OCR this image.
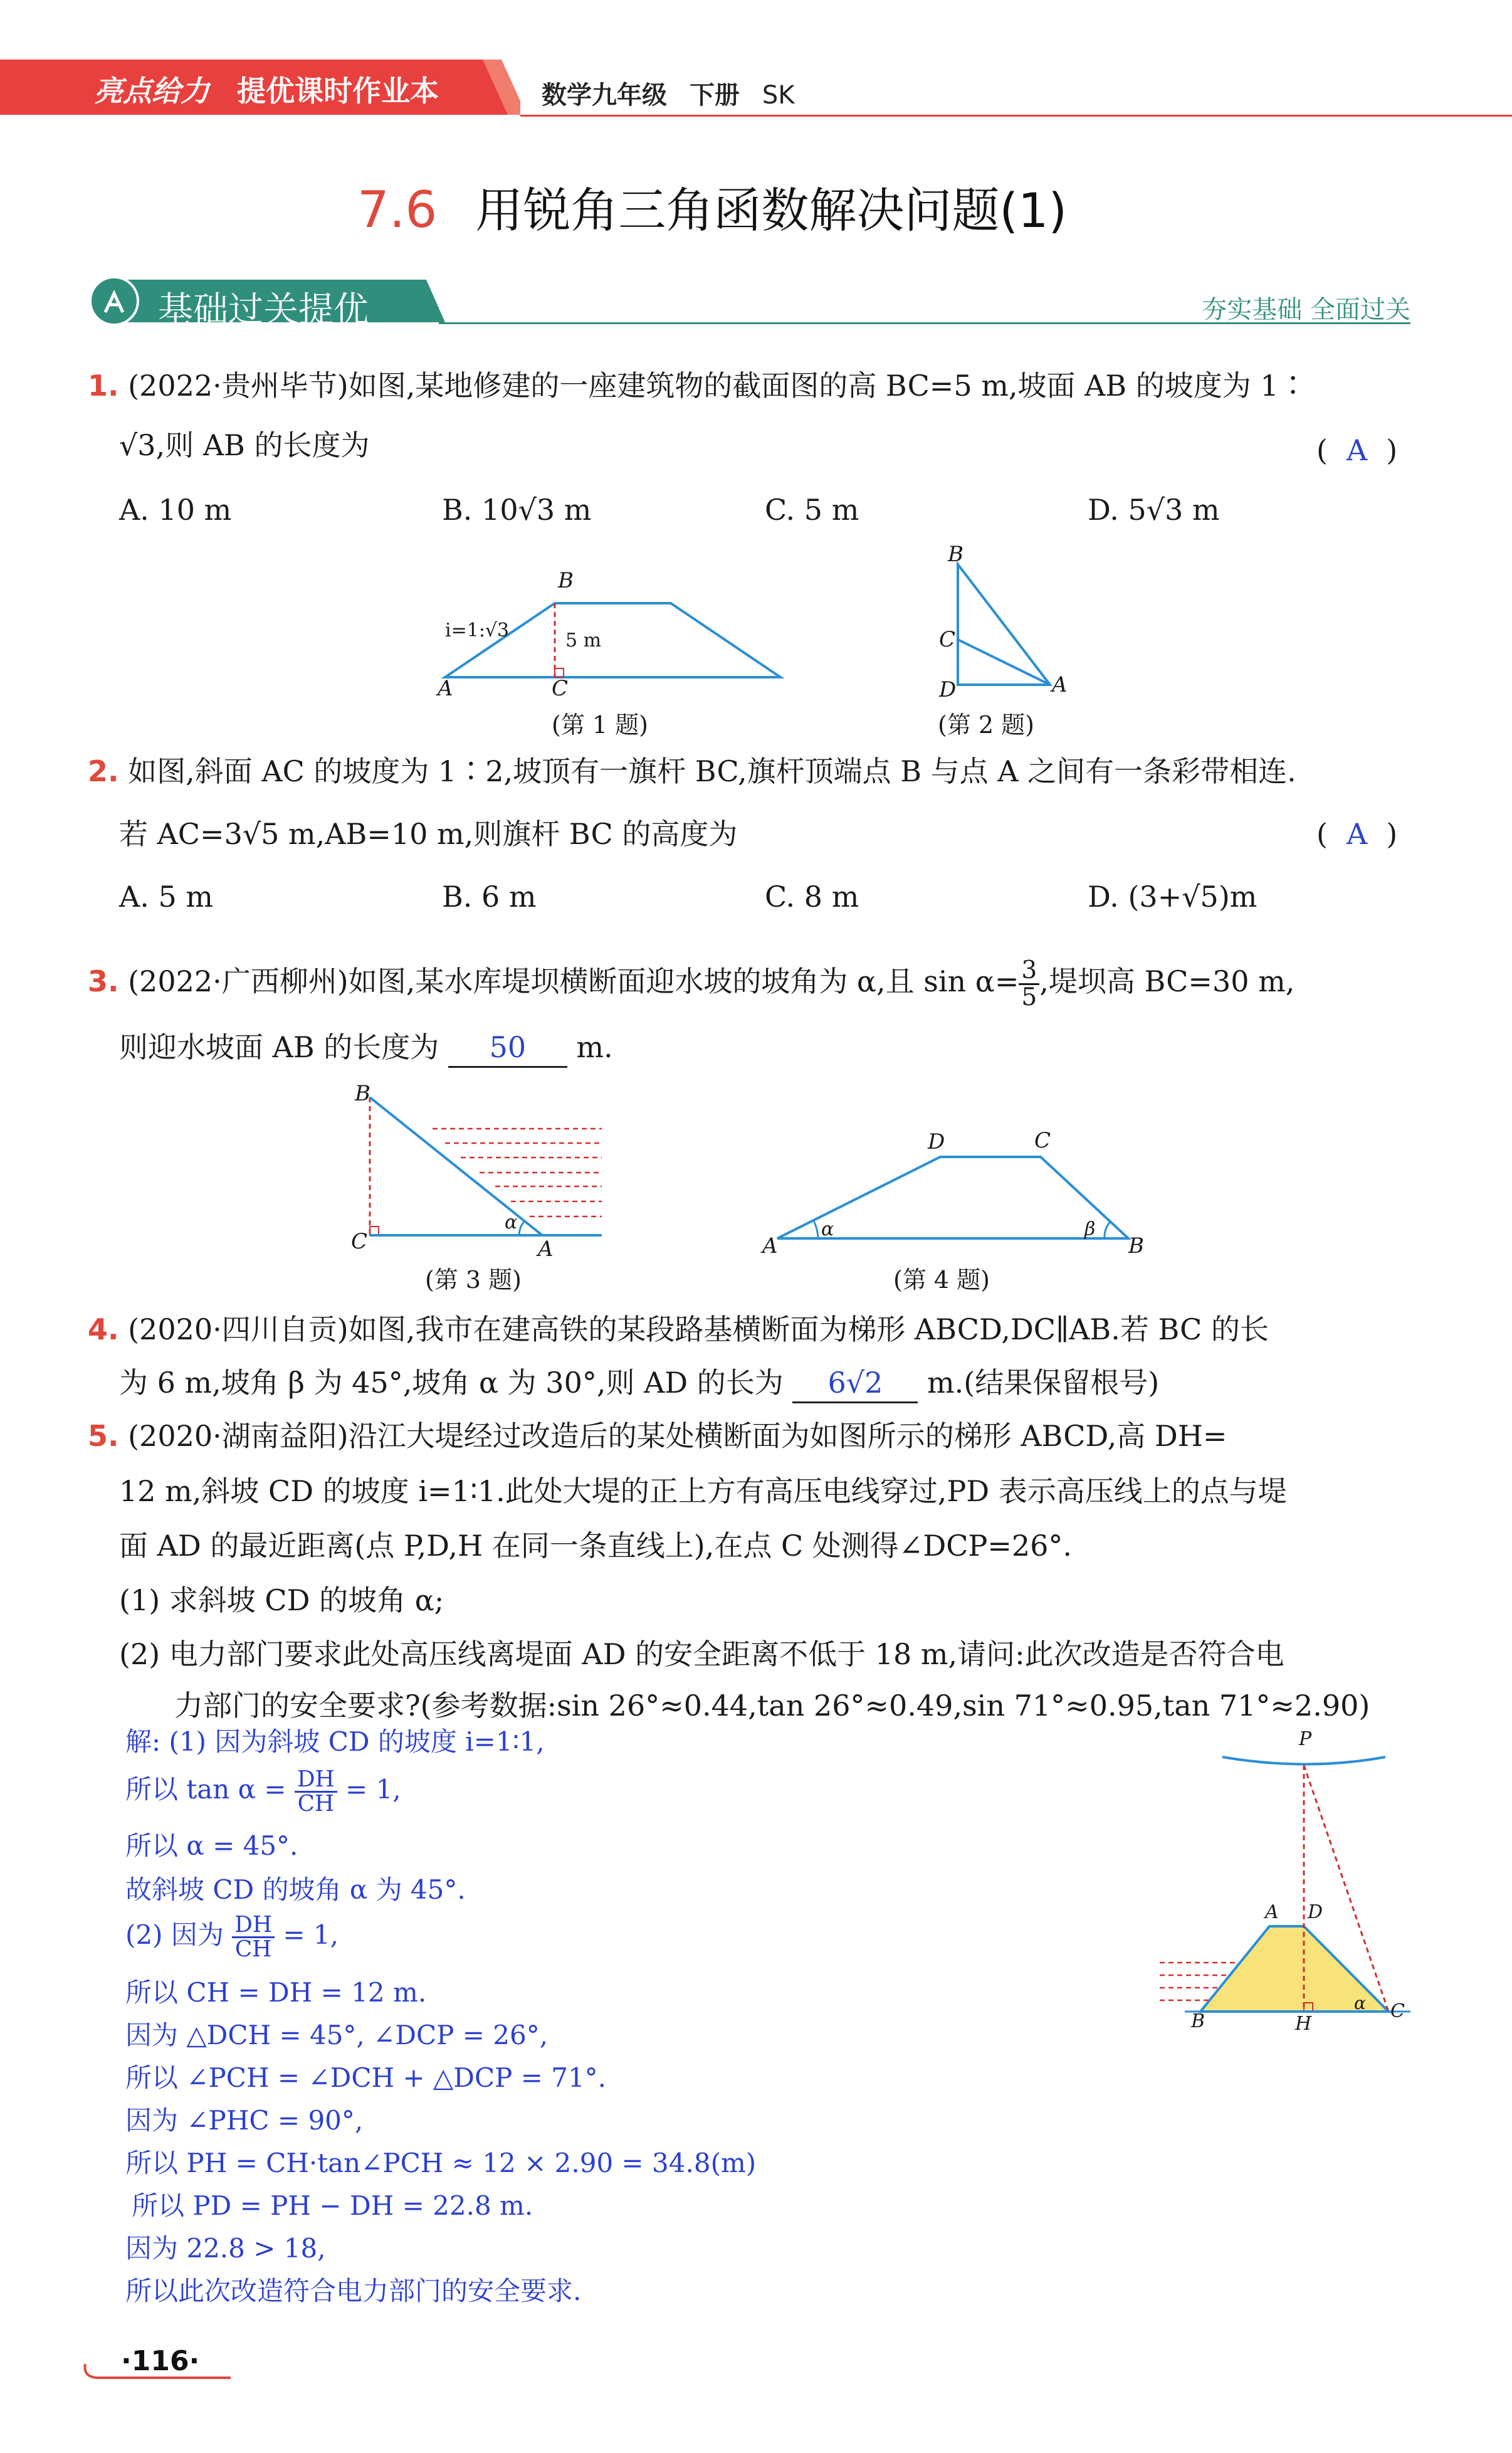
亮点给力 提优课时作业本	数学九年级 下册 SK
7.6 用锐角三角函数解决问题(1)
基础过关提优	夯实基础 全面过关
1. (2022·贵州毕节)如图,某地修建的一座建筑物的截面图的高 BC=5 m,坡面 AB 的坡度为 1∶
√3,则 AB 的长度为	( A )
A. 10 m	B. 10√3 m	C. 5 m	D. 5√3 m
B
A	C
i=1:√3	5 m
(第 1 题)
B
C
D	A
(第 2 题)
2. 如图,斜面 AC 的坡度为 1∶2,坡顶有一旗杆 BC,旗杆顶端点 B 与点 A 之间有一条彩带相连.
若 AC=3√5 m,AB=10 m,则旗杆 BC 的高度为	( A )
A. 5 m	B. 6 m	C. 8 m	D. (3+√5)m
3. (2022·广西柳州)如图,某水库堤坝横断面迎水坡的坡角为 α,且 $\sin \alpha= \frac{3}{5}$ ,堤坝高 BC=30 m,
则迎水坡面 AB 的长度为 50 m.
B
C	A
α
(第 3 题)
D	C
A	B
α	β
(第 4 题)
4. (2020·四川自贡)如图,我市在建高铁的某段路基横断面为梯形 ABCD,DC∥AB.若 BC 的长
为 6 m,坡角 β 为 45°,坡角 α 为 30°,则 AD 的长为 6√2 m.(结果保留根号)
5. (2020·湖南益阳)沿江大堤经过改造后的某处横断面为如图所示的梯形 ABCD,高 DH=
12 m,斜坡 CD 的坡度 i=1∶1.此处大堤的正上方有高压电线穿过,PD 表示高压线上的点与堤
面 AD 的最近距离(点 P,D,H 在同一条直线上),在点 C 处测得∠DCP=26°.
(1) 求斜坡 CD 的坡角 α;
(2) 电力部门要求此处高压线离堤面 AD 的安全距离不低于 18 m,请问:此次改造是否符合电
力部门的安全要求?(参考数据:sin 26°≈0.44,tan 26°≈0.49,sin 71°≈0.95,tan 71°≈2.90)
解: (1) 因为斜坡 CD 的坡度 i=1∶1,
所以 $\tan \alpha = \frac{DH}{CH} = 1$,
所以 α = 45°.
故斜坡 CD 的坡角 α 为 45°.
(2) 因为 $\frac{DH}{CH} = 1$,
所以 CH = DH = 12 m.
因为 △DCH = 45°, ∠DCP = 26°,
所以 ∠PCH = ∠DCH + △DCP = 71°.
因为 ∠PHC = 90°,
所以 PH = CH·tan∠PCH ≈ 12 × 2.90 = 34.8(m)
所以 PD = PH − DH = 22.8 m.
因为 22.8 > 18,
所以此次改造符合电力部门的安全要求.
P
A D
B	H
C
α
·116·
